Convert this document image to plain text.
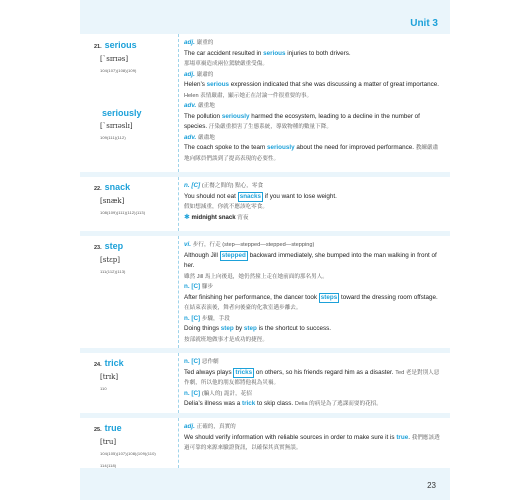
Unit 3
21. serious
[ˋsɪrɪəs]
104(107)(108)(109)
seriously
[ˋsɪrɪəslɪ]
109(111)(112)

adj. 嚴重的

The car accident resulted in serious injuries to both drivers.

那場車禍造成兩位駕駛嚴重受傷。

adj. 嚴肅的

Helen’s serious expression indicated that she was discussing a matter of great importance. Helen 表情嚴肅，顯示她正在討論一件很重要的事。

adv. 嚴重地

The pollution seriously harmed the ecosystem, leading to a decline in the number of species. 汙染嚴重損害了生態系統，導致物種的數量下降。

adv. 嚴肅地

The coach spoke to the team seriously about the need for improved performance. 教練嚴肅地向隊員們談到了提高表現的必要性。

22. snack
[snæk]
108(109)(111)(112)(113)

n. [C] (正餐之間的) 點心，零食

You should not eat snacks if you want to lose weight.

假如想減重，你就不應該吃零食。

✱ midnight snack 宵夜

23. step
[stɛp]
111(112)(113)

vi. 步行，行走 (step—stepped—stepped—stepping)

Although Jill stepped backward immediately, she bumped into the man walking in front of her.

雖然 Jill 馬上向後退，她仍然撞上走在她前面的那名男人。

n. [C] 腳步

After finishing her performance, the dancer took steps toward the dressing room offstage. 在結束表演後，舞者向後臺的化妝室邁步離去。

n. [C] 步驟，手段

Doing things step by step is the shortcut to success.

按部就班地做事才是成功的捷徑。

24. trick
[trɪk]
110

n. [C] 惡作劇

Ted always plays tricks on others, so his friends regard him as a disaster. Ted 老是對別人惡作劇，所以他的朋友都將他視為災禍。

n. [C] (騙人的) 詭計，花招

Delia’s illness was a trick to skip class. Delia 的病是為了逃課而耍的花招。

25. true
[tru]
104(105)(107)(108)(109)(110)
114(118)

adj. 正確的，真實的

We should verify information with reliable sources in order to make sure it is true. 我們應該透過可靠的來源來驗證資訊，以確保其真實無誤。

23
